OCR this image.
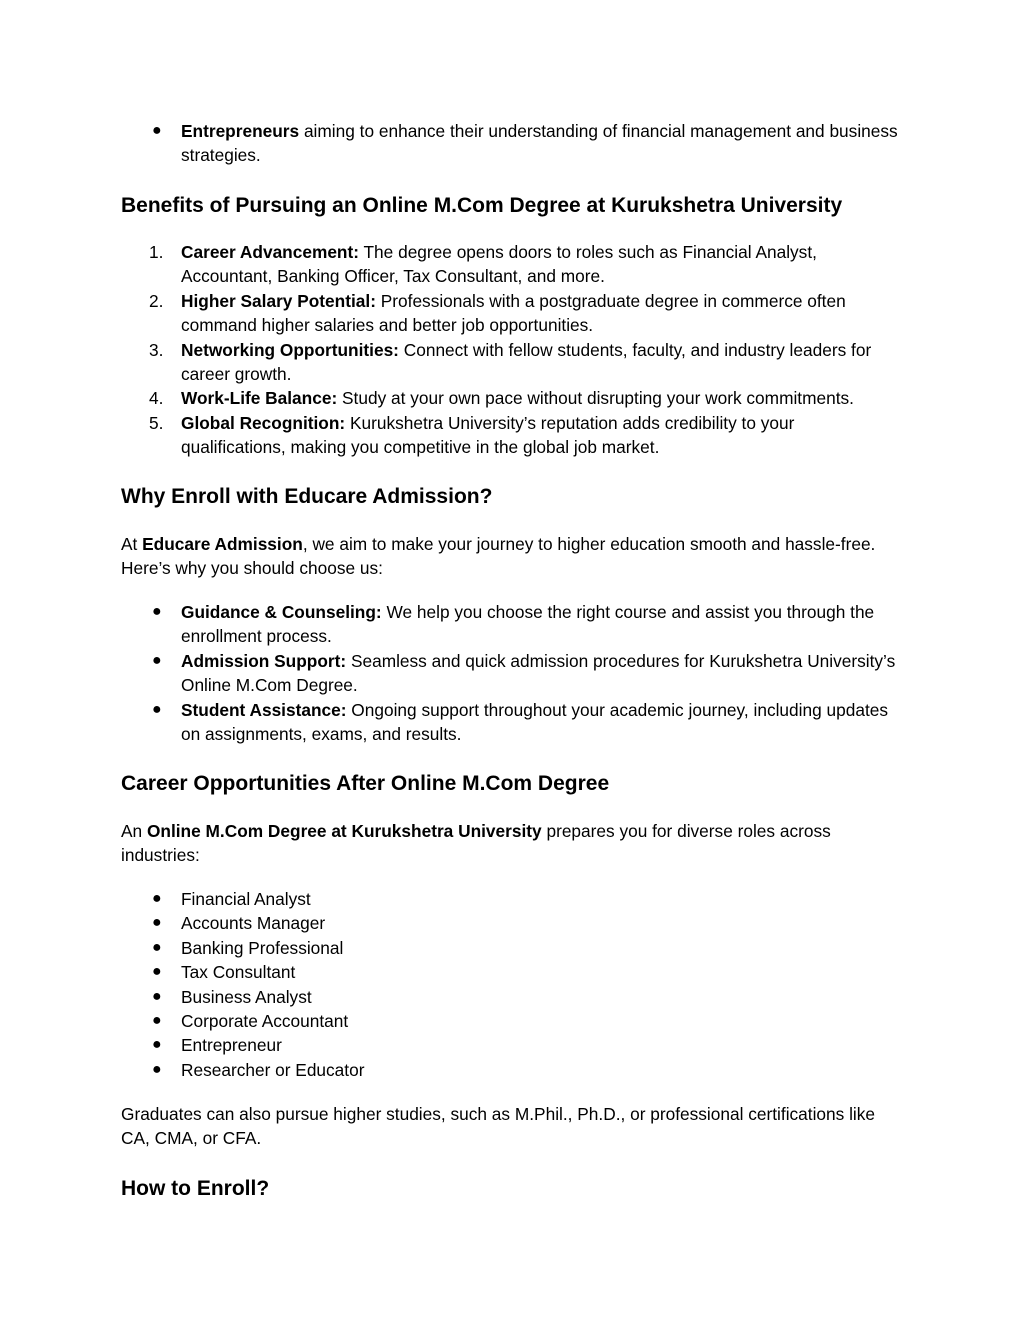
● Entrepreneurs aiming to enhance their understanding of financial management and business strategies.
Benefits of Pursuing an Online M.Com Degree at Kurukshetra University
1. Career Advancement: The degree opens doors to roles such as Financial Analyst, Accountant, Banking Officer, Tax Consultant, and more.
2. Higher Salary Potential: Professionals with a postgraduate degree in commerce often command higher salaries and better job opportunities.
3. Networking Opportunities: Connect with fellow students, faculty, and industry leaders for career growth.
4. Work-Life Balance: Study at your own pace without disrupting your work commitments.
5. Global Recognition: Kurukshetra University’s reputation adds credibility to your qualifications, making you competitive in the global job market.
Why Enroll with Educare Admission?

At Educare Admission, we aim to make your journey to higher education smooth and hassle-free. Here’s why you should choose us:

● Guidance & Counseling: We help you choose the right course and assist you through the enrollment process.
● Admission Support: Seamless and quick admission procedures for Kurukshetra University’s Online M.Com Degree.
● Student Assistance: Ongoing support throughout your academic journey, including updates on assignments, exams, and results.
Career Opportunities After Online M.Com Degree

An Online M.Com Degree at Kurukshetra University prepares you for diverse roles across industries:

● Financial Analyst
● Accounts Manager
● Banking Professional
● Tax Consultant
● Business Analyst
● Corporate Accountant
● Entrepreneur
● Researcher or Educator

Graduates can also pursue higher studies, such as M.Phil., Ph.D., or professional certifications like CA, CMA, or CFA.

How to Enroll?
